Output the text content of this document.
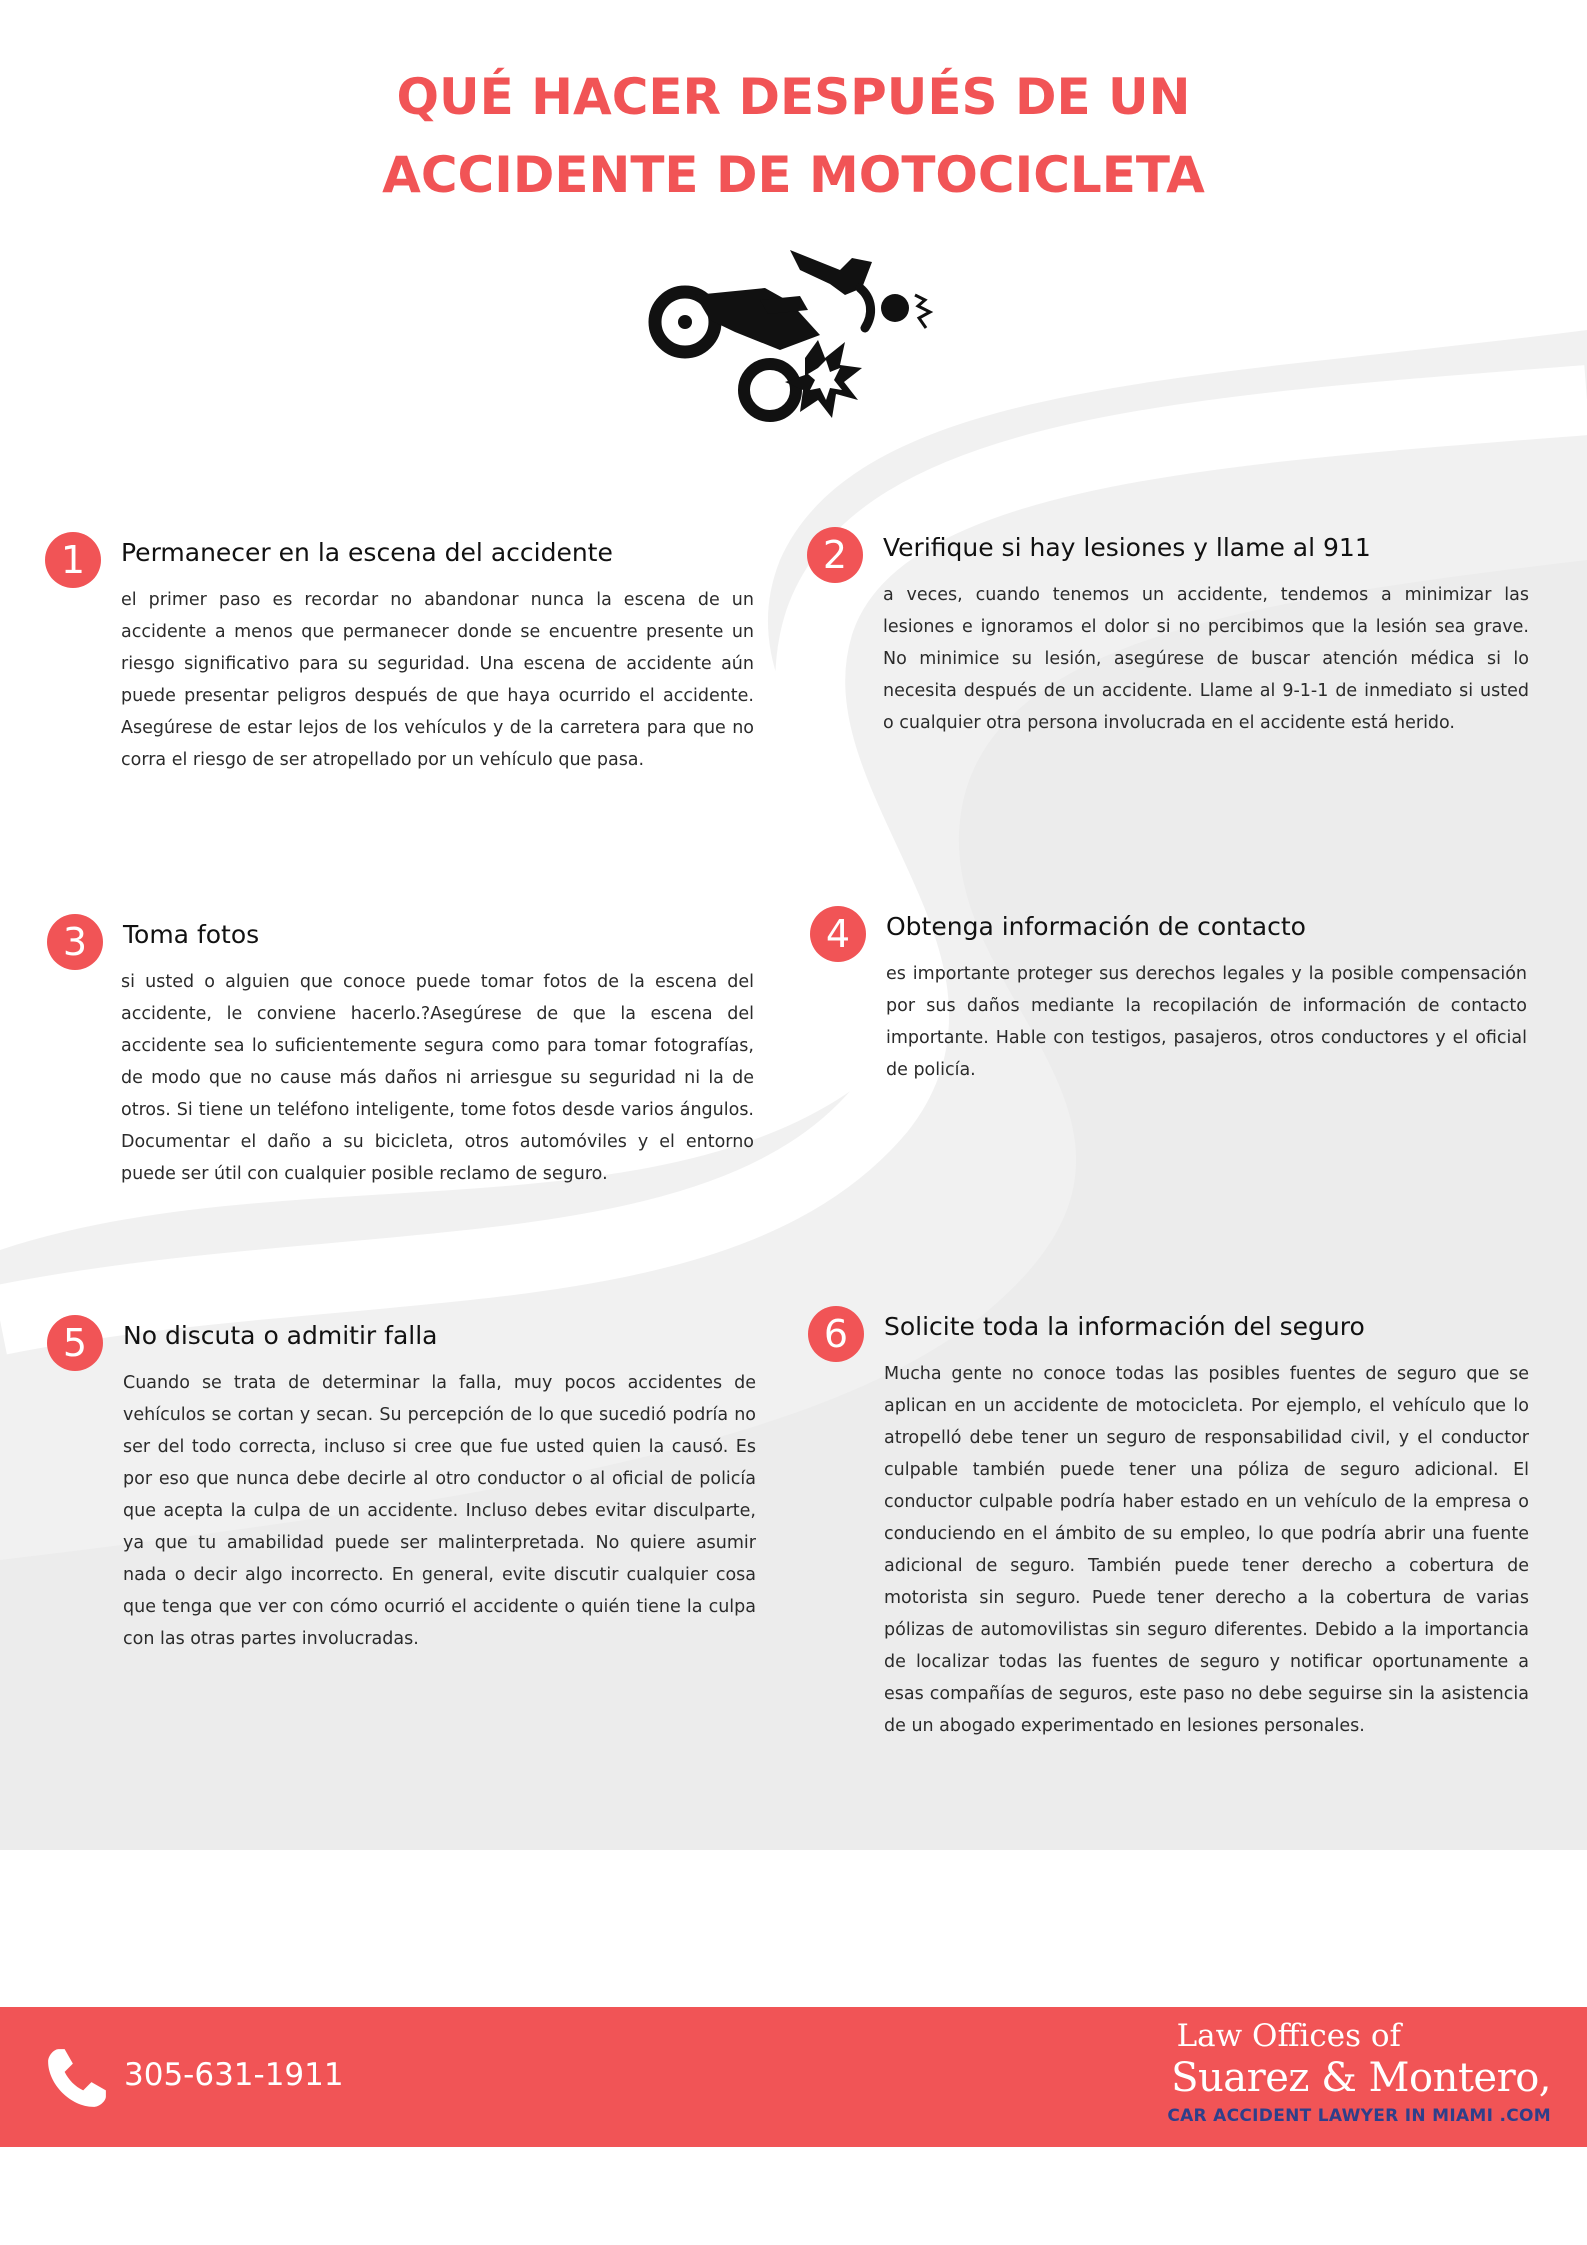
QUÉ HACER DESPUÉS DE UN
ACCIDENTE DE MOTOCICLETA
1	Permanecer en la escena del accidente

el primer paso es recordar no abandonar nunca la escena de un accidente a menos que permanecer donde se encuentre presente un riesgo significativo para su seguridad. Una escena de accidente aún puede presentar peligros después de que haya ocurrido el accidente. Asegúrese de estar lejos de los vehículos y de la carretera para que no corra el riesgo de ser atropellado por un vehículo que pasa.

2	Verifique si hay lesiones y llame al 911

a veces, cuando tenemos un accidente, tendemos a minimizar las lesiones e ignoramos el dolor si no percibimos que la lesión sea grave. No minimice su lesión, asegúrese de buscar atención médica si lo necesita después de un accidente. Llame al 9-1-1 de inmediato si usted o cualquier otra persona involucrada en el accidente está herido.

3	Toma fotos

si usted o alguien que conoce puede tomar fotos de la escena del accidente, le conviene hacerlo.?Asegúrese de que la escena del accidente sea lo suficientemente segura como para tomar fotografías, de modo que no cause más daños ni arriesgue su seguridad ni la de otros. Si tiene un teléfono inteligente, tome fotos desde varios ángulos. Documentar el daño a su bicicleta, otros automóviles y el entorno puede ser útil con cualquier posible reclamo de seguro.

4	Obtenga información de contacto

es importante proteger sus derechos legales y la posible compensación por sus daños mediante la recopilación de información de contacto importante. Hable con testigos, pasajeros, otros conductores y el oficial de policía.

5	No discuta o admitir falla

Cuando se trata de determinar la falla, muy pocos accidentes de vehículos se cortan y secan. Su percepción de lo que sucedió podría no ser del todo correcta, incluso si cree que fue usted quien la causó. Es por eso que nunca debe decirle al otro conductor o al oficial de policía que acepta la culpa de un accidente. Incluso debes evitar disculparte, ya que tu amabilidad puede ser malinterpretada. No quiere asumir nada o decir algo incorrecto. En general, evite discutir cualquier cosa que tenga que ver con cómo ocurrió el accidente o quién tiene la culpa con las otras partes involucradas.

6	Solicite toda la información del seguro

Mucha gente no conoce todas las posibles fuentes de seguro que se aplican en un accidente de motocicleta. Por ejemplo, el vehículo que lo atropelló debe tener un seguro de responsabilidad civil, y el conductor culpable también puede tener una póliza de seguro adicional. El conductor culpable podría haber estado en un vehículo de la empresa o conduciendo en el ámbito de su empleo, lo que podría abrir una fuente adicional de seguro. También puede tener derecho a cobertura de motorista sin seguro. Puede tener derecho a la cobertura de varias pólizas de automovilistas sin seguro diferentes. Debido a la importancia de localizar todas las fuentes de seguro y notificar oportunamente a esas compañías de seguros, este paso no debe seguirse sin la asistencia de un abogado experimentado en lesiones personales.

305-631-1911
Law Offices of
Suarez & Montero,
CAR ACCIDENT LAWYER IN MIAMI .COM
